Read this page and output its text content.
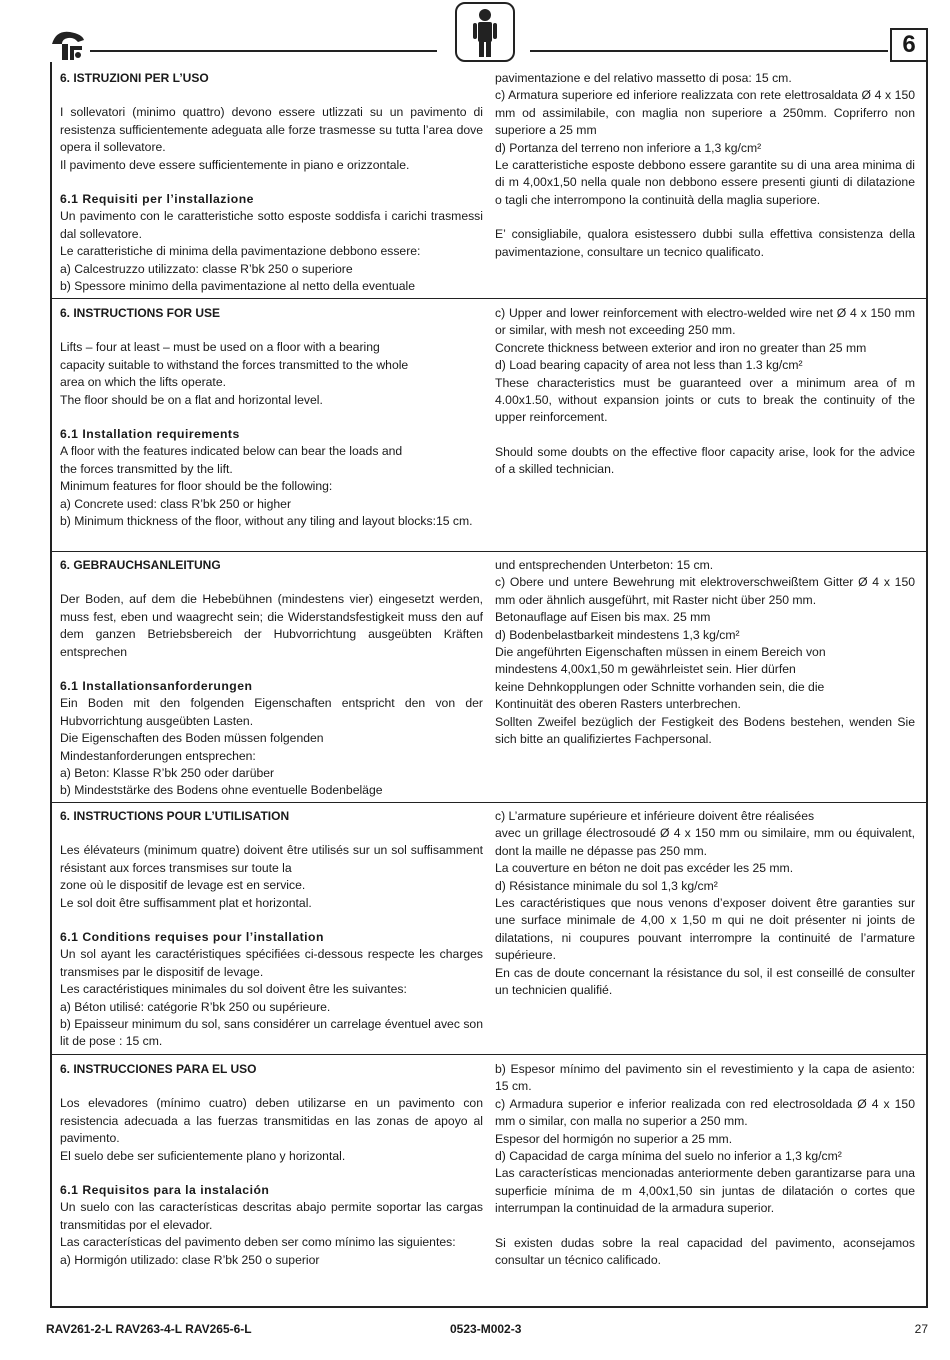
6

6. ISTRUZIONI PER L’USO

I sollevatori (minimo quattro) devono essere utlizzati su un pavimento di resistenza sufficientemente adeguata alle forze trasmesse su tutta l’area dove opera il sollevatore.

Il pavimento deve essere sufficientemente in piano e orizzontale.

6.1 Requisiti per l’installazione

Un pavimento con le caratteristiche sotto esposte soddisfa i carichi trasmessi dal sollevatore.

Le caratteristiche di minima della pavimentazione debbono essere:

a) Calcestruzzo utilizzato: classe R’bk 250 o superiore

b) Spessore minimo della pavimentazione al netto della eventuale

pavimentazione e del relativo massetto di posa: 15 cm.

c) Armatura superiore ed inferiore realizzata con rete elettrosaldata Ø 4 x 150 mm od assimilabile, con maglia non superiore a 250mm. Copriferro non superiore a 25 mm

d) Portanza del terreno non inferiore a 1,3 kg/cm²

Le caratteristiche esposte debbono essere garantite su di una area minima di di m 4,00x1,50 nella quale non debbono essere presenti giunti di dilatazione o tagli che interrompono la continuità della maglia superiore.

E’ consigliabile, qualora esistessero dubbi sulla effettiva consistenza della pavimentazione, consultare un tecnico qualificato.

6. INSTRUCTIONS FOR USE

Lifts – four at least – must be used on a floor with a bearing

capacity suitable to withstand the forces transmitted to the whole

area on which the lifts operate.

The floor should be on a flat and horizontal level.

6.1 Installation requirements

A floor with the features indicated below can bear the loads and

the forces transmitted by the lift.

Minimum features for floor should be the following:

a) Concrete used: class R’bk 250 or higher

b) Minimum thickness of the floor, without any tiling and layout blocks:15 cm.

c) Upper and lower reinforcement with electro-welded wire net Ø 4 x 150 mm or similar, with mesh not exceeding 250 mm.

Concrete thickness between exterior and iron no greater than 25 mm

d) Load bearing capacity of area not less than 1.3 kg/cm²

These characteristics must be guaranteed over a minimum area of m 4.00x1.50, without expansion joints or cuts to break the continuity of the upper reinforcement.

Should some doubts on the effective floor capacity arise, look for the advice of a skilled technician.

6. GEBRAUCHSANLEITUNG

Der Boden, auf dem die Hebebühnen (mindestens vier) eingesetzt werden, muss fest, eben und waagrecht sein; die Widerstandsfestigkeit muss den auf dem ganzen Betriebsbereich der Hubvorrichtung ausgeübten Kräften entsprechen

6.1 Installationsanforderungen

Ein Boden mit den folgenden Eigenschaften entspricht den von der Hubvorrichtung ausgeübten Lasten.

Die Eigenschaften des Boden müssen folgenden

Mindestanforderungen entsprechen:

a) Beton: Klasse R’bk 250 oder darüber

b) Mindeststärke des Bodens ohne eventuelle Bodenbeläge

und entsprechenden Unterbeton: 15 cm.

c) Obere und untere Bewehrung mit elektroverschweißtem Gitter Ø 4 x 150 mm oder ähnlich ausgeführt, mit Raster nicht über 250 mm.

Betonauflage auf Eisen bis max. 25 mm

d) Bodenbelastbarkeit mindestens 1,3 kg/cm²

Die angeführten Eigenschaften müssen in einem Bereich von

mindestens 4,00x1,50 m gewährleistet sein. Hier dürfen

keine Dehnkopplungen oder Schnitte vorhanden sein, die die

Kontinuität des oberen Rasters unterbrechen.

Sollten Zweifel bezüglich der Festigkeit des Bodens bestehen, wenden Sie sich bitte an qualifiziertes Fachpersonal.

6. INSTRUCTIONS POUR L’UTILISATION

Les élévateurs (minimum quatre) doivent être utilisés sur un sol suffisamment résistant aux forces transmises sur toute la

zone où le dispositif de levage est en service.

Le sol doit être suffisamment plat et horizontal.

6.1 Conditions requises pour l’installation

Un sol ayant les caractéristiques spécifiées ci-dessous respecte les charges transmises par le dispositif de levage.

Les caractéristiques minimales du sol doivent être les suivantes:

a) Béton utilisé: catégorie R’bk 250 ou supérieure.

b) Epaisseur minimum du sol, sans considérer un carrelage éventuel avec son lit de pose : 15 cm.

c) L’armature supérieure et inférieure doivent être réalisées

avec un grillage électrosoudé Ø 4 x 150 mm ou similaire, mm ou équivalent, dont la maille ne dépasse pas 250 mm.

La couverture en béton ne doit pas excéder les 25 mm.

d) Résistance minimale du sol 1,3 kg/cm²

Les caractéristiques que nous venons d’exposer doivent être garanties sur une surface minimale de 4,00 x 1,50 m qui ne doit présenter ni joints de dilatations, ni coupures pouvant interrompre la continuité de l’armature supérieure.

En cas de doute concernant la résistance du sol, il est conseillé de consulter un technicien qualifié.

6. INSTRUCCIONES PARA EL USO

Los elevadores (mínimo cuatro) deben utilizarse en un pavimento con resistencia adecuada a las fuerzas transmitidas en las zonas de apoyo al pavimento.

El suelo debe ser suficientemente plano y horizontal.

6.1 Requisitos para la instalación

Un suelo con las características descritas abajo permite soportar las cargas transmitidas por el elevador.

Las características del pavimento deben ser como mínimo las siguientes:

a) Hormigón utilizado: clase R’bk 250 o superior

b) Espesor mínimo del pavimento sin el revestimiento y la capa de asiento: 15 cm.

c) Armadura superior e inferior realizada con red electrosoldada Ø 4 x 150 mm o similar, con malla no superior a 250 mm.

Espesor del hormigón no superior a 25 mm.

d) Capacidad de carga mínima del suelo no inferior a 1,3 kg/cm²

Las características mencionadas anteriormente deben garantizarse para una superficie mínima de m 4,00x1,50 sin juntas de dilatación o cortes que interrumpan la continuidad de la armadura superior.

Si existen dudas sobre la real capacidad del pavimento, aconsejamos consultar un técnico calificado.

RAV261-2-L RAV263-4-L RAV265-6-L	0523-M002-3	27
